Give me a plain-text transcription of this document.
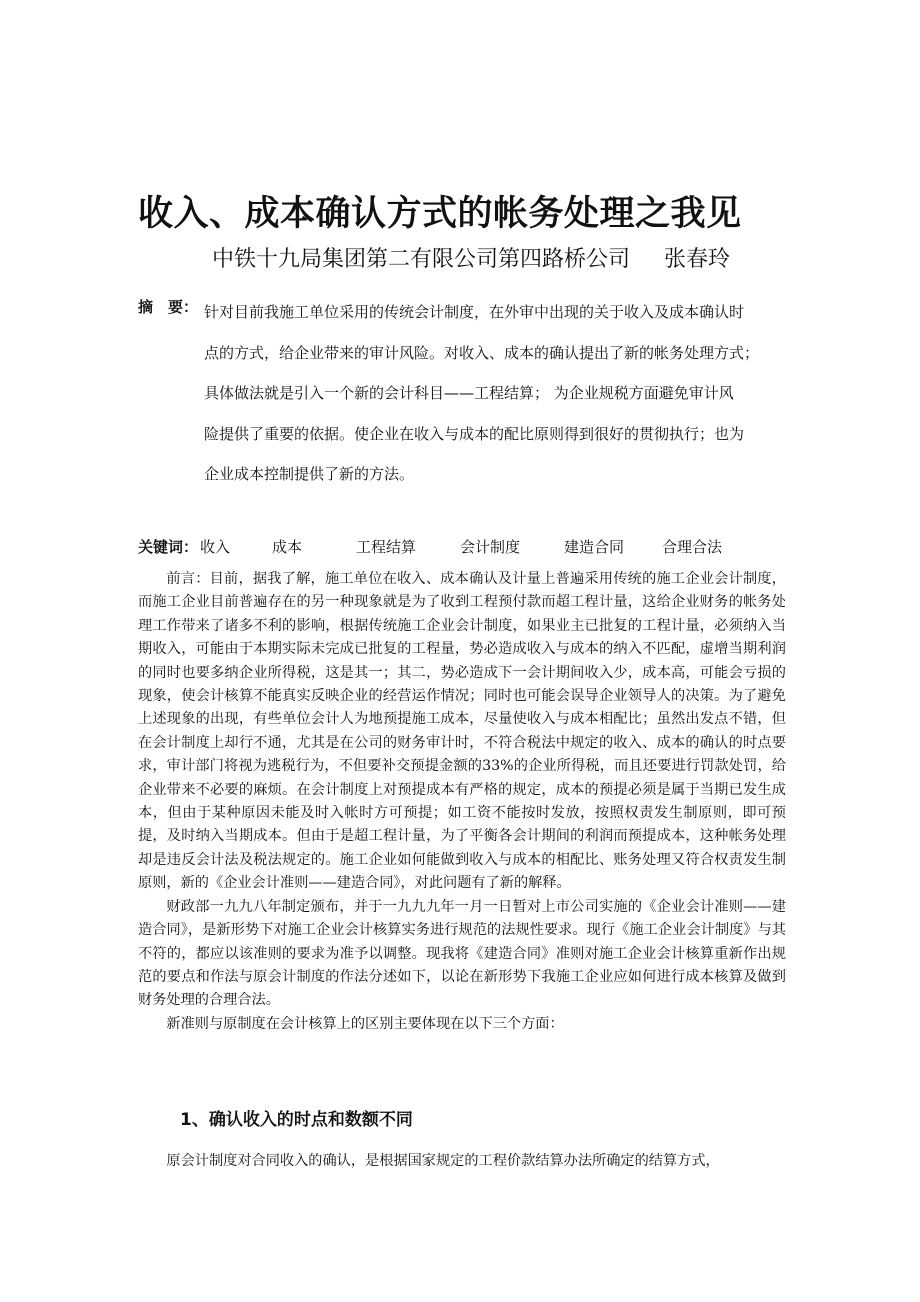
收入、成本确认方式的帐务处理之我见
中铁十九局集团第二有限公司第四路桥公司 张春玲
摘　要： 针对目前我施工单位采用的传统会计制度，在外审中出现的关于收入及成本确认时
点的方式，给企业带来的审计风险。对收入、成本的确认提出了新的帐务处理方式；
具体做法就是引入一个新的会计科目——工程结算； 为企业规税方面避免审计风
险提供了重要的依据。使企业在收入与成本的配比原则得到很好的贯彻执行；也为
企业成本控制提供了新的方法。
关键词： 收入	成本	工程结算	会计制度	建造合同	合理合法

前言：目前，据我了解，施工单位在收入、成本确认及计量上普遍采用传统的施工企业会计制度，而施工企业目前普遍存在的另一种现象就是为了收到工程预付款而超工程计量，这给企业财务的帐务处理工作带来了诸多不利的影响，根据传统施工企业会计制度，如果业主已批复的工程计量，必须纳入当期收入，可能由于本期实际未完成已批复的工程量，势必造成收入与成本的纳入不匹配，虚增当期利润的同时也要多纳企业所得税，这是其一；其二，势必造成下一会计期间收入少，成本高，可能会亏损的现象，使会计核算不能真实反映企业的经营运作情况；同时也可能会误导企业领导人的决策。为了避免上述现象的出现，有些单位会计人为地预提施工成本，尽量使收入与成本相配比；虽然出发点不错，但在会计制度上却行不通，尤其是在公司的财务审计时，不符合税法中规定的收入、成本的确认的时点要求，审计部门将视为逃税行为，不但要补交预提金额的33%的企业所得税，而且还要进行罚款处罚，给企业带来不必要的麻烦。在会计制度上对预提成本有严格的规定，成本的预提必须是属于当期已发生成本，但由于某种原因未能及时入帐时方可预提；如工资不能按时发放，按照权责发生制原则，即可预提，及时纳入当期成本。但由于是超工程计量，为了平衡各会计期间的利润而预提成本，这种帐务处理却是违反会计法及税法规定的。施工企业如何能做到收入与成本的相配比、账务处理又符合权责发生制原则，新的《企业会计准则——建造合同》，对此问题有了新的解释。

财政部一九九八年制定颁布，并于一九九九年一月一日暂对上市公司实施的《企业会计准则——建造合同》，是新形势下对施工企业会计核算实务进行规范的法规性要求。现行《施工企业会计制度》与其不符的，都应以该准则的要求为准予以调整。现我将《建造合同》准则对施工企业会计核算重新作出规范的要点和作法与原会计制度的作法分述如下，以论在新形势下我施工企业应如何进行成本核算及做到财务处理的合理合法。

新准则与原制度在会计核算上的区别主要体现在以下三个方面：

1、确认收入的时点和数额不同

原会计制度对合同收入的确认，是根据国家规定的工程价款结算办法所确定的结算方式，
